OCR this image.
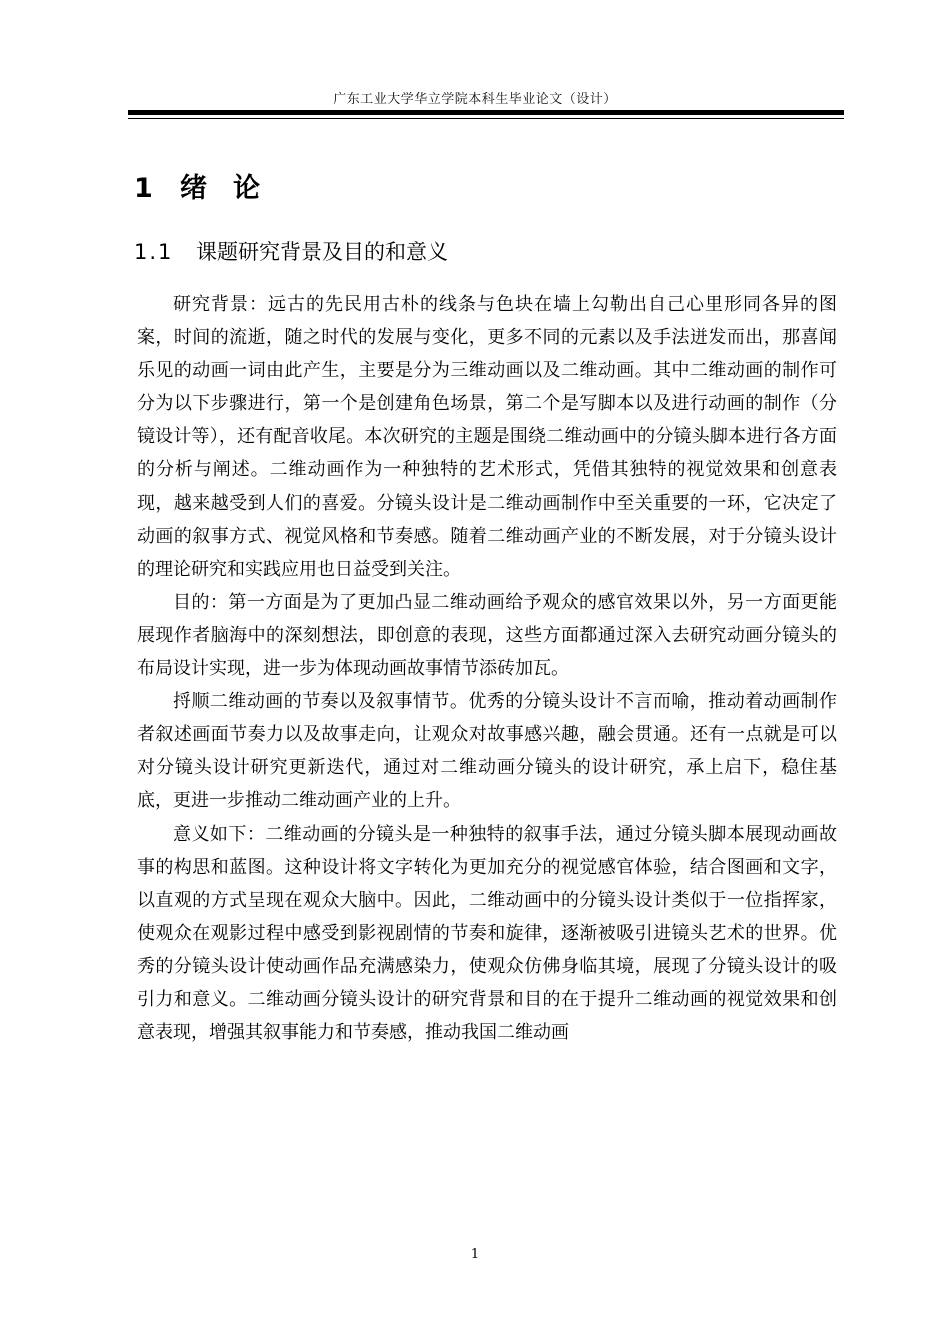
广东工业大学华立学院本科生毕业论文（设计）
1 绪论
1.1 课题研究背景及目的和意义

研究背景：远古的先民用古朴的线条与色块在墙上勾勒出自己心里形同各异的图案，时间的流逝，随之时代的发展与变化，更多不同的元素以及手法迸发而出，那喜闻乐见的动画一词由此产生，主要是分为三维动画以及二维动画。其中二维动画的制作可分为以下步骤进行，第一个是创建角色场景，第二个是写脚本以及进行动画的制作（分镜设计等），还有配音收尾。本次研究的主题是围绕二维动画中的分镜头脚本进行各方面的分析与阐述。二维动画作为一种独特的艺术形式，凭借其独特的视觉效果和创意表现，越来越受到人们的喜爱。分镜头设计是二维动画制作中至关重要的一环，它决定了动画的叙事方式、视觉风格和节奏感。随着二维动画产业的不断发展，对于分镜头设计的理论研究和实践应用也日益受到关注。

目的：第一方面是为了更加凸显二维动画给予观众的感官效果以外，另一方面更能展现作者脑海中的深刻想法，即创意的表现，这些方面都通过深入去研究动画分镜头的布局设计实现，进一步为体现动画故事情节添砖加瓦。

捋顺二维动画的节奏以及叙事情节。优秀的分镜头设计不言而喻，推动着动画制作者叙述画面节奏力以及故事走向，让观众对故事感兴趣，融会贯通。还有一点就是可以对分镜头设计研究更新迭代，通过对二维动画分镜头的设计研究，承上启下，稳住基底，更进一步推动二维动画产业的上升。

意义如下：二维动画的分镜头是一种独特的叙事手法，通过分镜头脚本展现动画故事的构思和蓝图。这种设计将文字转化为更加充分的视觉感官体验，结合图画和文字，以直观的方式呈现在观众大脑中。因此，二维动画中的分镜头设计类似于一位指挥家，使观众在观影过程中感受到影视剧情的节奏和旋律，逐渐被吸引进镜头艺术的世界。优秀的分镜头设计使动画作品充满感染力，使观众仿佛身临其境，展现了分镜头设计的吸引力和意义。二维动画分镜头设计的研究背景和目的在于提升二维动画的视觉效果和创意表现，增强其叙事能力和节奏感，推动我国二维动画

1
